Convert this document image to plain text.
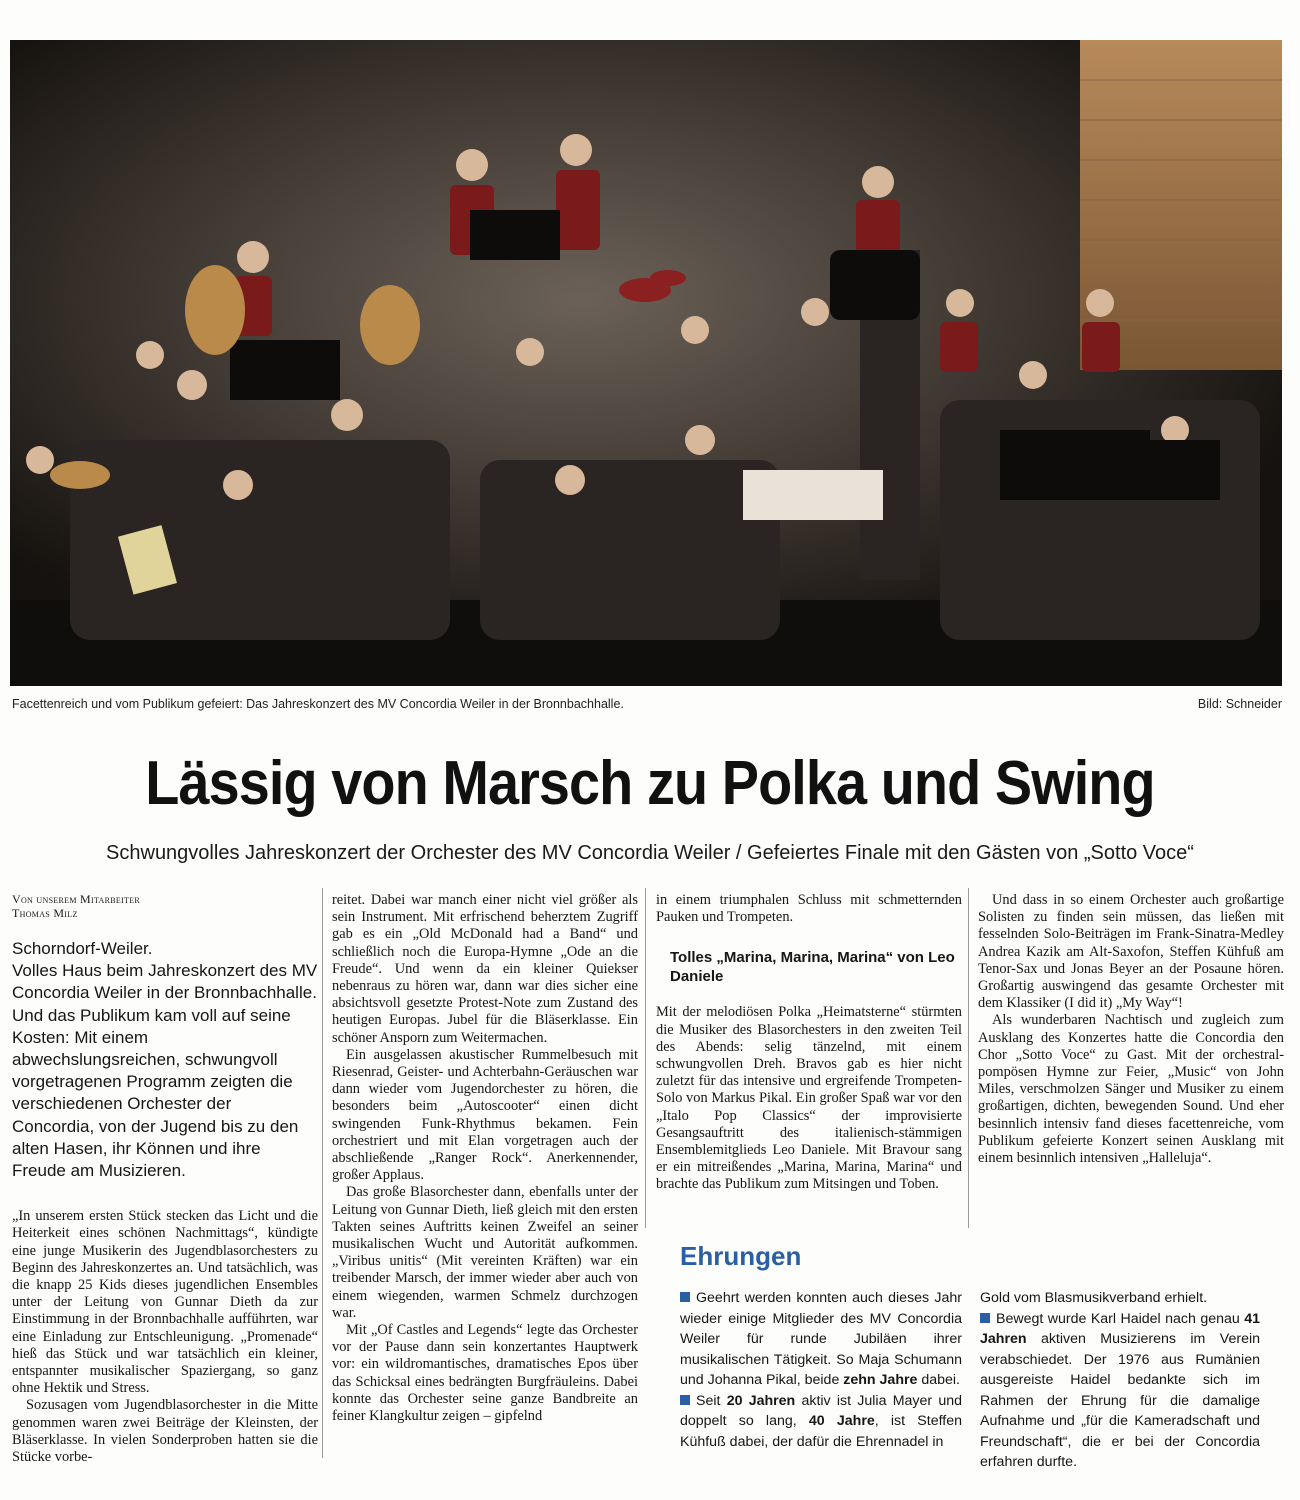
Facettenreich und vom Publikum gefeiert: Das Jahreskonzert des MV Concordia Weiler in der Bronnbachhalle.	Bild: Schneider
Lässig von Marsch zu Polka und Swing
Schwungvolles Jahreskonzert der Orchester des MV Concordia Weiler / Gefeiertes Finale mit den Gästen von „Sotto Voce“
Von unserem Mitarbeiter
Thomas Milz
Schorndorf-Weiler.
Volles Haus beim Jahreskonzert des MV Concordia Weiler in der Bronnbachhalle. Und das Publikum kam voll auf seine Kosten: Mit einem abwechslungsreichen, schwungvoll vorgetragenen Programm zeigten die verschiedenen Orchester der Concordia, von der Jugend bis zu den alten Hasen, ihr Können und ihre Freude am Musizieren.

„In unserem ersten Stück stecken das Licht und die Heiterkeit eines schönen Nachmittags“, kündigte eine junge Musikerin des Jugendblasorchesters zu Beginn des Jahreskonzertes an. Und tatsächlich, was die knapp 25 Kids dieses jugendlichen Ensembles unter der Leitung von Gunnar Dieth da zur Einstimmung in der Bronnbachhalle aufführten, war eine Einladung zur Entschleunigung. „Promenade“ hieß das Stück und war tatsächlich ein kleiner, entspannter musikalischer Spaziergang, so ganz ohne Hektik und Stress.

Sozusagen vom Jugendblasorchester in die Mitte genommen waren zwei Beiträge der Kleinsten, der Bläserklasse. In vielen Sonderproben hatten sie die Stücke vorbe-

reitet. Dabei war manch einer nicht viel größer als sein Instrument. Mit erfrischend beherztem Zugriff gab es ein „Old McDonald had a Band“ und schließlich noch die Europa-Hymne „Ode an die Freude“. Und wenn da ein kleiner Quiekser nebenraus zu hören war, dann war dies sicher eine absichtsvoll gesetzte Protest-Note zum Zustand des heutigen Europas. Jubel für die Bläserklasse. Ein schöner Ansporn zum Weitermachen.

Ein ausgelassen akustischer Rummelbesuch mit Riesenrad, Geister- und Achterbahn-Geräuschen war dann wieder vom Jugendorchester zu hören, die besonders beim „Autoscooter“ einen dicht swingenden Funk-Rhythmus bekamen. Fein orchestriert und mit Elan vorgetragen auch der abschließende „Ranger Rock“. Anerkennender, großer Applaus.

Das große Blasorchester dann, ebenfalls unter der Leitung von Gunnar Dieth, ließ gleich mit den ersten Takten seines Auftritts keinen Zweifel an seiner musikalischen Wucht und Autorität aufkommen. „Viribus unitis“ (Mit vereinten Kräften) war ein treibender Marsch, der immer wieder aber auch von einem wiegenden, warmen Schmelz durchzogen war.

Mit „Of Castles and Legends“ legte das Orchester vor der Pause dann sein konzertantes Hauptwerk vor: ein wildromantisches, dramatisches Epos über das Schicksal eines bedrängten Burgfräuleins. Dabei konnte das Orchester seine ganze Bandbreite an feiner Klangkultur zeigen – gipfelnd

in einem triumphalen Schluss mit schmetternden Pauken und Trompeten.

Tolles „Marina, Marina, Marina“ von Leo Daniele

Mit der melodiösen Polka „Heimatsterne“ stürmten die Musiker des Blasorchesters in den zweiten Teil des Abends: selig tänzelnd, mit einem schwungvollen Dreh. Bravos gab es hier nicht zuletzt für das intensive und ergreifende Trompeten-Solo von Markus Pikal. Ein großer Spaß war vor den „Italo Pop Classics“ der improvisierte Gesangsauftritt des italienisch-stämmigen Ensemblemitglieds Leo Daniele. Mit Bravour sang er ein mitreißendes „Marina, Marina, Marina“ und brachte das Publikum zum Mitsingen und Toben.

Und dass in so einem Orchester auch großartige Solisten zu finden sein müssen, das ließen mit fesselnden Solo-Beiträgen im Frank-Sinatra-Medley Andrea Kazik am Alt-Saxofon, Steffen Kühfuß am Tenor-Sax und Jonas Beyer an der Posaune hören. Großartig auswingend das gesamte Orchester mit dem Klassiker (I did it) „My Way“!

Als wunderbaren Nachtisch und zugleich zum Ausklang des Konzertes hatte die Concordia den Chor „Sotto Voce“ zu Gast. Mit der orchestral-pompösen Hymne zur Feier, „Music“ von John Miles, verschmolzen Sänger und Musiker zu einem großartigen, dichten, bewegenden Sound. Und eher besinnlich intensiv fand dieses facettenreiche, vom Publikum gefeierte Konzert seinen Ausklang mit einem besinnlich intensiven „Halleluja“.

Ehrungen
Geehrt werden konnten auch dieses Jahr wieder einige Mitglieder des MV Concordia Weiler für runde Jubiläen ihrer musikalischen Tätigkeit. So Maja Schumann und Johanna Pikal, beide zehn Jahre dabei.
Seit 20 Jahren aktiv ist Julia Mayer und doppelt so lang, 40 Jahre, ist Steffen Kühfuß dabei, der dafür die Ehrennadel in
Gold vom Blasmusikverband erhielt.
Bewegt wurde Karl Haidel nach genau 41 Jahren aktiven Musizierens im Verein verabschiedet. Der 1976 aus Rumänien ausgereiste Haidel bedankte sich im Rahmen der Ehrung für die damalige Aufnahme und „für die Kameradschaft und Freundschaft“, die er bei der Concordia erfahren durfte.
